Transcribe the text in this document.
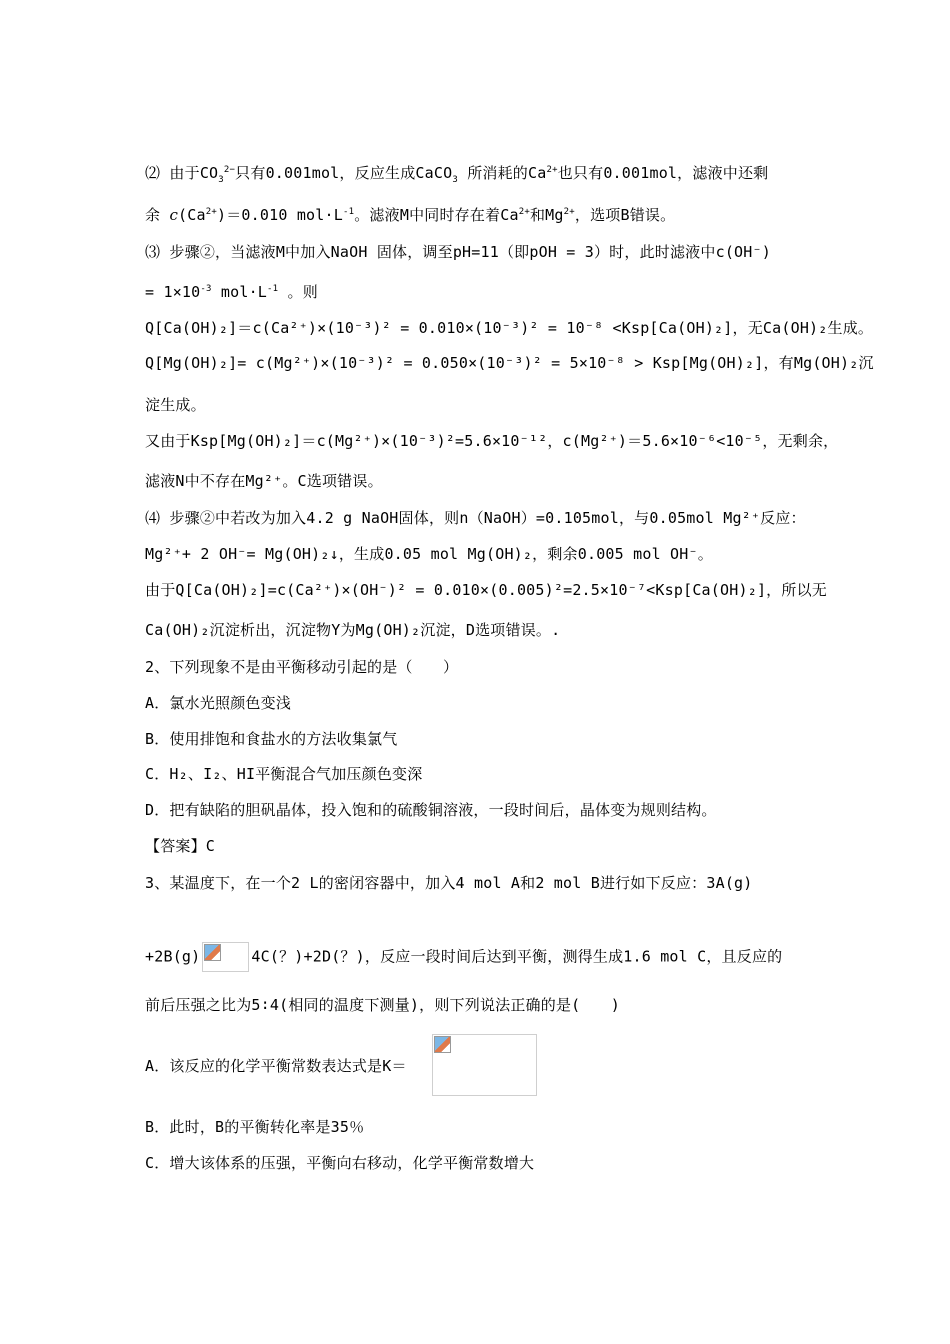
⑵ 由于$CO_3^{2-}$只有0.001mol，反应生成CaCO$_3$ 所消耗的$Ca^{2+}$也只有0.001mol，滤液中还剩
余 $c(Ca^{2+})=0.010$ $mol\cdot L^{-1}$。滤液M中同时存在着$Ca^{2+}$和$Mg^{2+}$，选项B错误。
⑶ 步骤②，当滤液M中加入NaOH 固体，调至pH=11（即pOH = 3）时，此时滤液中c(OH⁻)
= $1\times 10^{-3}$ $mol\cdot L^{-1}$ 。则
Q[Ca(OH)₂]＝c(Ca²⁺)×(10⁻³)² = 0.010×(10⁻³)² = 10⁻⁸ <Ksp[Ca(OH)₂]，无Ca(OH)₂生成。
Q[Mg(OH)₂]= c(Mg²⁺)×(10⁻³)² = 0.050×(10⁻³)² = 5×10⁻⁸ > Ksp[Mg(OH)₂]，有Mg(OH)₂沉
淀生成。
又由于Ksp[Mg(OH)₂]＝c(Mg²⁺)×(10⁻³)²=5.6×10⁻¹²，c(Mg²⁺)＝5.6×10⁻⁶<10⁻⁵，无剩余，
滤液N中不存在Mg²⁺。C选项错误。
⑷ 步骤②中若改为加入4.2 g NaOH固体，则n（NaOH）=0.105mol，与0.05mol Mg²⁺反应：
Mg²⁺+ 2 OH⁻= Mg(OH)₂↓，生成0.05 mol Mg(OH)₂，剩余0.005 mol OH⁻。
由于Q[Ca(OH)₂]=c(Ca²⁺)×(OH⁻)² = 0.010×(0.005)²=2.5×10⁻⁷<Ksp[Ca(OH)₂]，所以无
Ca(OH)₂沉淀析出，沉淀物Y为Mg(OH)₂沉淀，D选项错误。.
2、下列现象不是由平衡移动引起的是（　　）
A．氯水光照颜色变浅
B．使用排饱和食盐水的方法收集氯气
C．H₂、I₂、HI平衡混合气加压颜色变深
D．把有缺陷的胆矾晶体，投入饱和的硫酸铜溶液，一段时间后，晶体变为规则结构。
【答案】C
3、某温度下，在一个2 L的密闭容器中，加入4 mol A和2 mol B进行如下反应：3A(g)
+2B(g)	4C(？)+2D(？)，反应一段时间后达到平衡，测得生成1.6 mol C，且反应的
前后压强之比为5∶4(相同的温度下测量)，则下列说法正确的是(　　)
A．该反应的化学平衡常数表达式是K＝
B．此时，B的平衡转化率是35％
C．增大该体系的压强，平衡向右移动，化学平衡常数增大
